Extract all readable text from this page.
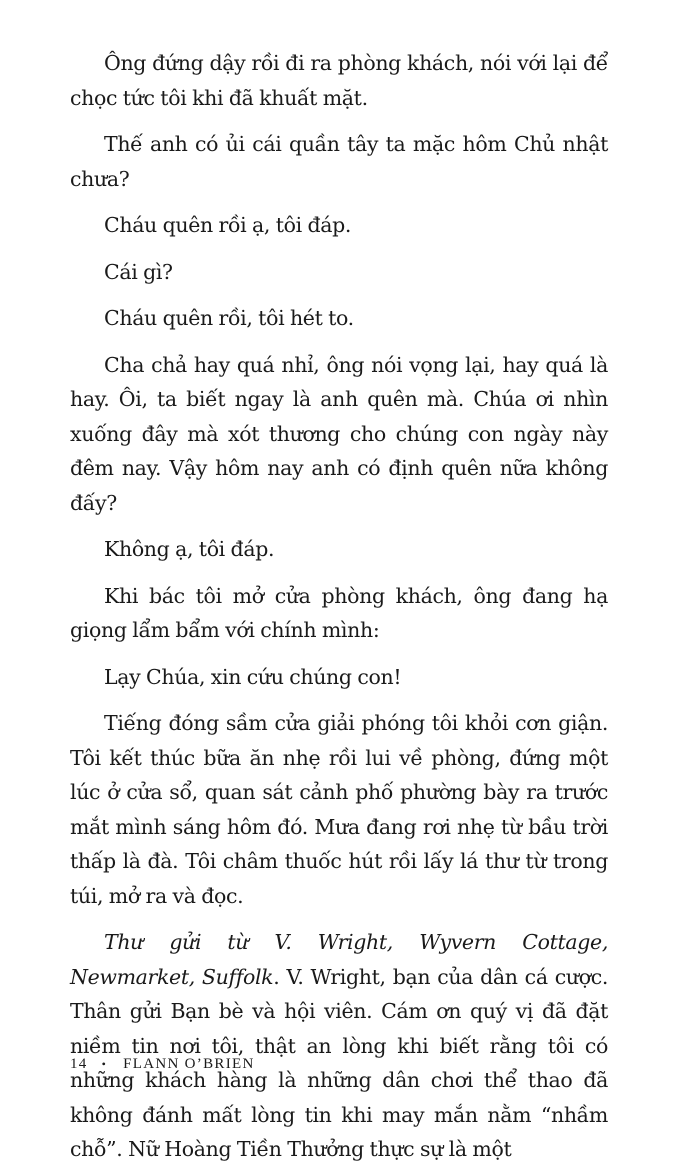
Ông đứng dậy rồi đi ra phòng khách, nói với lại để chọc tức tôi khi đã khuất mặt.

Thế anh có ủi cái quần tây ta mặc hôm Chủ nhật chưa?

Cháu quên rồi ạ, tôi đáp.

Cái gì?

Cháu quên rồi, tôi hét to.

Cha chả hay quá nhỉ, ông nói vọng lại, hay quá là hay. Ôi, ta biết ngay là anh quên mà. Chúa ơi nhìn xuống đây mà xót thương cho chúng con ngày này đêm nay. Vậy hôm nay anh có định quên nữa không đấy?

Không ạ, tôi đáp.

Khi bác tôi mở cửa phòng khách, ông đang hạ giọng lẩm bẩm với chính mình:

Lạy Chúa, xin cứu chúng con!

Tiếng đóng sầm cửa giải phóng tôi khỏi cơn giận. Tôi kết thúc bữa ăn nhẹ rồi lui về phòng, đứng một lúc ở cửa sổ, quan sát cảnh phố phường bày ra trước mắt mình sáng hôm đó. Mưa đang rơi nhẹ từ bầu trời thấp là đà. Tôi châm thuốc hút rồi lấy lá thư từ trong túi, mở ra và đọc.

Thư gửi từ V. Wright, Wyvern Cottage, Newmarket, Suffolk. V. Wright, bạn của dân cá cược. Thân gửi Bạn bè và hội viên. Cám ơn quý vị đã đặt niềm tin nơi tôi, thật an lòng khi biết rằng tôi có những khách hàng là những dân chơi thể thao đã không đánh mất lòng tin khi may mắn nằm “nhầm chỗ”. Nữ Hoàng Tiền Thưởng thực sự là một

14 • FLANN O’BRIEN
